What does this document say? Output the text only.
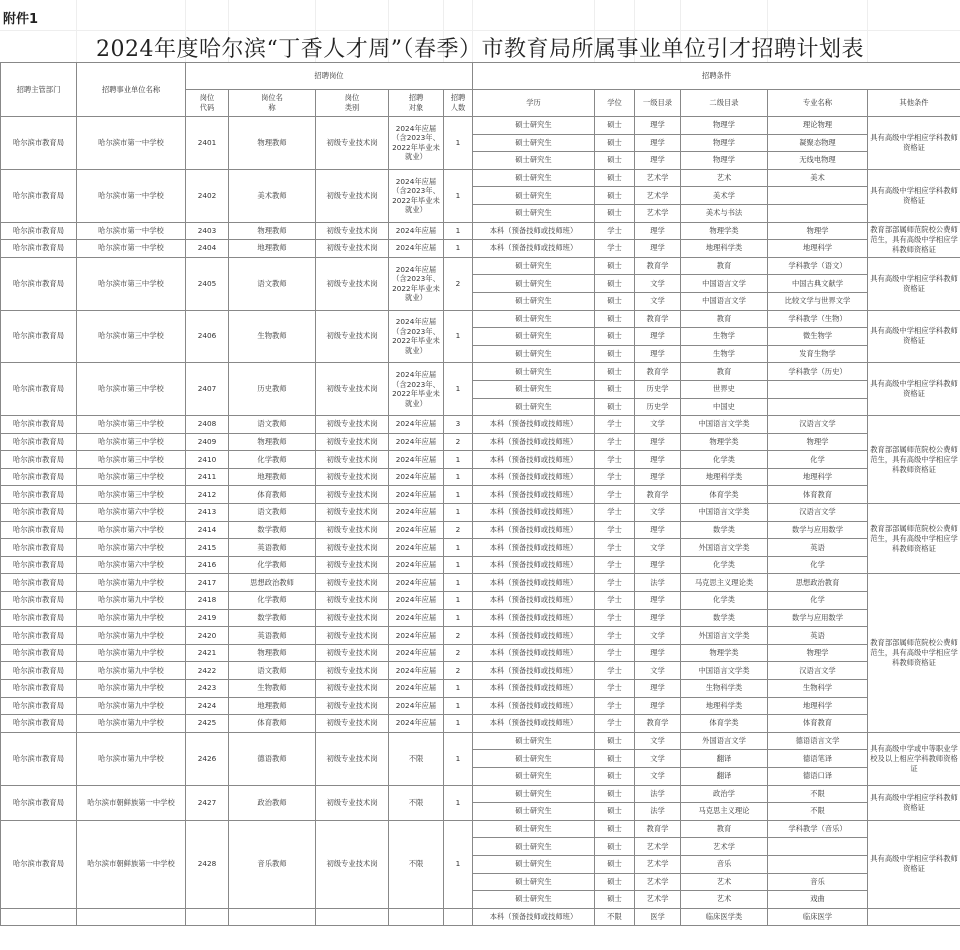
附件1
2024年度哈尔滨“丁香人才周”（春季）市教育局所属事业单位引才招聘计划表
招聘主管部门	招聘事业单位名称	招聘岗位					招聘条件					
		岗位代码	岗位名称	岗位类别	招聘对象	招聘人数	学历	学位	一级目录	二级目录	专业名称	其他条件
哈尔滨市教育局	哈尔滨市第一中学校	2401	物理教师	初级专业技术岗	2024年应届（含2023年、2022年毕业未就业）	1	硕士研究生	硕士	理学	物理学	理论物理	具有高级中学相应学科教师资格证
							硕士研究生	硕士	理学	物理学	凝聚态物理	
							硕士研究生	硕士	理学	物理学	无线电物理	
哈尔滨市教育局	哈尔滨市第一中学校	2402	美术教师	初级专业技术岗	2024年应届（含2023年、2022年毕业未就业）	1	硕士研究生	硕士	艺术学	艺术	美术	具有高级中学相应学科教师资格证
							硕士研究生	硕士	艺术学	美术学		
							硕士研究生	硕士	艺术学	美术与书法		
哈尔滨市教育局	哈尔滨市第一中学校	2403	物理教师	初级专业技术岗	2024年应届	1	本科（预备技师或技师班）	学士	理学	物理学类	物理学	教育部部属师范院校公费师范生，具有高级中学相应学科教师资格证
哈尔滨市教育局	哈尔滨市第一中学校	2404	地理教师	初级专业技术岗	2024年应届	1	本科（预备技师或技师班）	学士	理学	地理科学类	地理科学	
哈尔滨市教育局	哈尔滨市第三中学校	2405	语文教师	初级专业技术岗	2024年应届（含2023年、2022年毕业未就业）	2	硕士研究生	硕士	教育学	教育	学科教学（语文）	具有高级中学相应学科教师资格证
							硕士研究生	硕士	文学	中国语言文学	中国古典文献学	
							硕士研究生	硕士	文学	中国语言文学	比较文学与世界文学	
哈尔滨市教育局	哈尔滨市第三中学校	2406	生物教师	初级专业技术岗	2024年应届（含2023年、2022年毕业未就业）	1	硕士研究生	硕士	教育学	教育	学科教学（生物）	具有高级中学相应学科教师资格证
							硕士研究生	硕士	理学	生物学	微生物学	
							硕士研究生	硕士	理学	生物学	发育生物学	
哈尔滨市教育局	哈尔滨市第三中学校	2407	历史教师	初级专业技术岗	2024年应届（含2023年、2022年毕业未就业）	1	硕士研究生	硕士	教育学	教育	学科教学（历史）	具有高级中学相应学科教师资格证
							硕士研究生	硕士	历史学	世界史		
							硕士研究生	硕士	历史学	中国史		
哈尔滨市教育局	哈尔滨市第三中学校	2408	语文教师	初级专业技术岗	2024年应届	3	本科（预备技师或技师班）	学士	文学	中国语言文学类	汉语言文学	教育部部属师范院校公费师范生，具有高级中学相应学科教师资格证
哈尔滨市教育局	哈尔滨市第三中学校	2409	物理教师	初级专业技术岗	2024年应届	2	本科（预备技师或技师班）	学士	理学	物理学类	物理学	
哈尔滨市教育局	哈尔滨市第三中学校	2410	化学教师	初级专业技术岗	2024年应届	1	本科（预备技师或技师班）	学士	理学	化学类	化学	
哈尔滨市教育局	哈尔滨市第三中学校	2411	地理教师	初级专业技术岗	2024年应届	1	本科（预备技师或技师班）	学士	理学	地理科学类	地理科学	
哈尔滨市教育局	哈尔滨市第三中学校	2412	体育教师	初级专业技术岗	2024年应届	1	本科（预备技师或技师班）	学士	教育学	体育学类	体育教育	
哈尔滨市教育局	哈尔滨市第六中学校	2413	语文教师	初级专业技术岗	2024年应届	1	本科（预备技师或技师班）	学士	文学	中国语言文学类	汉语言文学	教育部部属师范院校公费师范生，具有高级中学相应学科教师资格证
哈尔滨市教育局	哈尔滨市第六中学校	2414	数学教师	初级专业技术岗	2024年应届	2	本科（预备技师或技师班）	学士	理学	数学类	数学与应用数学	
哈尔滨市教育局	哈尔滨市第六中学校	2415	英语教师	初级专业技术岗	2024年应届	1	本科（预备技师或技师班）	学士	文学	外国语言文学类	英语	
哈尔滨市教育局	哈尔滨市第六中学校	2416	化学教师	初级专业技术岗	2024年应届	1	本科（预备技师或技师班）	学士	理学	化学类	化学	
哈尔滨市教育局	哈尔滨市第九中学校	2417	思想政治教师	初级专业技术岗	2024年应届	1	本科（预备技师或技师班）	学士	法学	马克思主义理论类	思想政治教育	教育部部属师范院校公费师范生，具有高级中学相应学科教师资格证
哈尔滨市教育局	哈尔滨市第九中学校	2418	化学教师	初级专业技术岗	2024年应届	1	本科（预备技师或技师班）	学士	理学	化学类	化学	
哈尔滨市教育局	哈尔滨市第九中学校	2419	数学教师	初级专业技术岗	2024年应届	1	本科（预备技师或技师班）	学士	理学	数学类	数学与应用数学	
哈尔滨市教育局	哈尔滨市第九中学校	2420	英语教师	初级专业技术岗	2024年应届	2	本科（预备技师或技师班）	学士	文学	外国语言文学类	英语	
哈尔滨市教育局	哈尔滨市第九中学校	2421	物理教师	初级专业技术岗	2024年应届	2	本科（预备技师或技师班）	学士	理学	物理学类	物理学	
哈尔滨市教育局	哈尔滨市第九中学校	2422	语文教师	初级专业技术岗	2024年应届	2	本科（预备技师或技师班）	学士	文学	中国语言文学类	汉语言文学	
哈尔滨市教育局	哈尔滨市第九中学校	2423	生物教师	初级专业技术岗	2024年应届	1	本科（预备技师或技师班）	学士	理学	生物科学类	生物科学	
哈尔滨市教育局	哈尔滨市第九中学校	2424	地理教师	初级专业技术岗	2024年应届	1	本科（预备技师或技师班）	学士	理学	地理科学类	地理科学	
哈尔滨市教育局	哈尔滨市第九中学校	2425	体育教师	初级专业技术岗	2024年应届	1	本科（预备技师或技师班）	学士	教育学	体育学类	体育教育	
哈尔滨市教育局	哈尔滨市第九中学校	2426	德语教师	初级专业技术岗	不限	1	硕士研究生	硕士	文学	外国语言文学	德语语言文学	具有高级中学或中等职业学校及以上相应学科教师资格证
							硕士研究生	硕士	文学	翻译	德语笔译	
							硕士研究生	硕士	文学	翻译	德语口译	
哈尔滨市教育局	哈尔滨市朝鲜族第一中学校	2427	政治教师	初级专业技术岗	不限	1	硕士研究生	硕士	法学	政治学	不限	具有高级中学相应学科教师资格证
							硕士研究生	硕士	法学	马克思主义理论	不限	
哈尔滨市教育局	哈尔滨市朝鲜族第一中学校	2428	音乐教师	初级专业技术岗	不限	1	硕士研究生	硕士	教育学	教育	学科教学（音乐）	具有高级中学相应学科教师资格证
							硕士研究生	硕士	艺术学	艺术学		
							硕士研究生	硕士	艺术学	音乐		
							硕士研究生	硕士	艺术学	艺术	音乐	
							硕士研究生	硕士	艺术学	艺术	戏曲	
							本科（预备技师或技师班）	不限	医学	临床医学类	临床医学	
